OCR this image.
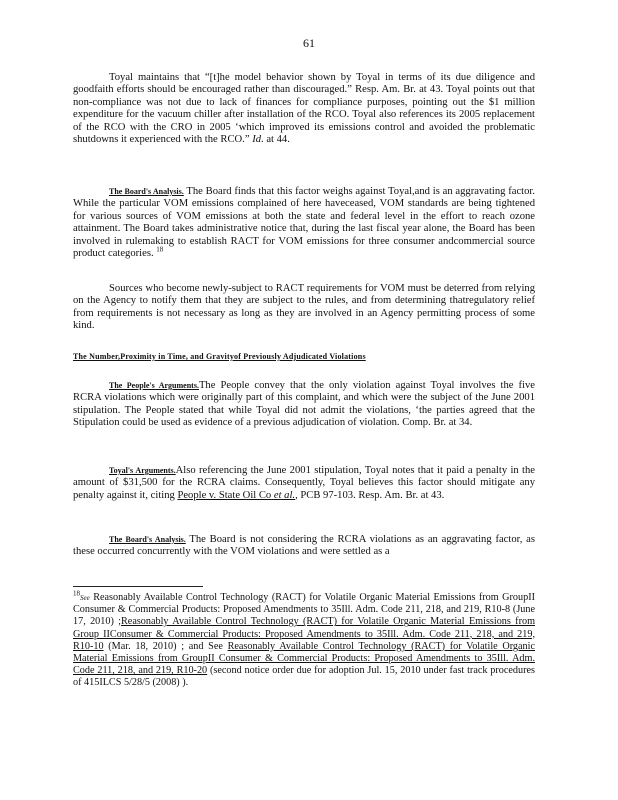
61

Toyal maintains that “[t]he model behavior shown by Toyal in terms of its due diligence and goodfaith efforts should be encouraged rather than discouraged.” Resp. Am. Br. at 43. Toyal points out that non-compliance was not due to lack of finances for compliance purposes, pointing out the $1 million expenditure for the vacuum chiller after installation of the RCO. Toyal also references its 2005 replacement of the RCO with the CRO in 2005 ‘which improved its emissions control and avoided the problematic shutdowns it experienced with the RCO.” Id. at 44.

The Board's Analysis. The Board finds that this factor weighs against Toyal,and is an aggravating factor. While the particular VOM emissions complained of here haveceased, VOM standards are being tightened for various sources of VOM emissions at both the state and federal level in the effort to reach ozone attainment. The Board takes administrative notice that, during the last fiscal year alone, the Board has been involved in rulemaking to establish RACT for VOM emissions for three consumer andcommercial source product categories. $^{18}$

Sources who become newly-subject to RACT requirements for VOM must be deterred from relying on the Agency to notify them that they are subject to the rules, and from determining thatregulatory relief from requirements is not necessary as long as they are involved in an Agency permitting process of some kind.

The Number,Proximity in Time, and Gravityof Previously Adjudicated Violations

The People's Arguments.The People convey that the only violation against Toyal involves the five RCRA violations which were originally part of this complaint, and which were the subject of the June 2001 stipulation. The People stated that while Toyal did not admit the violations, ‘the parties agreed that the Stipulation could be used as evidence of a previous adjudication of violation. Comp. Br. at 34.

Toyal's Arguments.Also referencing the June 2001 stipulation, Toyal notes that it paid a penalty in the amount of $31,500 for the RCRA claims. Consequently, Toyal believes this factor should mitigate any penalty against it, citing People v. State Oil Co et al., PCB 97-103. Resp. Am. Br. at 43.

The Board's Analysis. The Board is not considering the RCRA violations as an aggravating factor, as these occurred concurrently with the VOM violations and were settled as a

$^{18}$See Reasonably Available Control Technology (RACT) for Volatile Organic Material Emissions from GroupII Consumer & Commercial Products: Proposed Amendments to 35Ill. Adm. Code 211, 218, and 219, R10-8 (June 17, 2010) ;Reasonably Available Control Technology (RACT) for Volatile Organic Material Emissions from Group IIConsumer & Commercial Products: Proposed Amendments to 35Ill. Adm. Code 211, 218, and 219, R10-10 (Mar. 18, 2010) ; and See Reasonably Available Control Technology (RACT) for Volatile Organic Material Emissions from GroupII Consumer & Commercial Products: Proposed Amendments to 35Ill. Adm. Code 211, 218, and 219, R10-20 (second notice order due for adoption Jul. 15, 2010 under fast track procedures of 415ILCS 5/28/5 (2008) ).
